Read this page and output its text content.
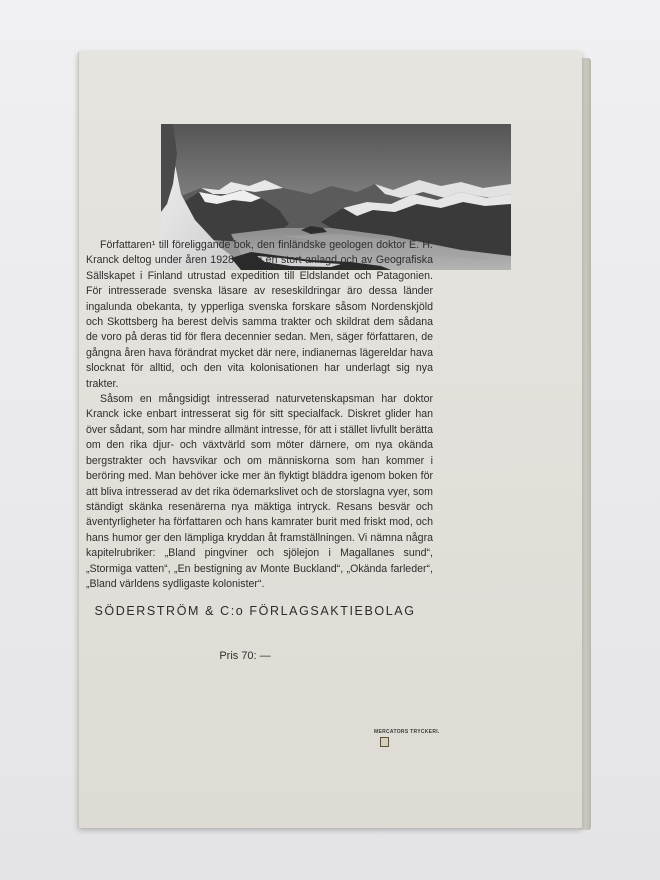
Författaren¹ till föreliggande bok, den finländske geologen doktor E. H. Kranck deltog under åren 1928—29 i en stort anlagd och av Geografiska Sällskapet i Finland utrustad expedition till Eldslandet och Patagonien. För intresserade svenska läsare av reseskildringar äro dessa länder ingalunda obekanta, ty ypperliga svenska forskare såsom Nordenskjöld och Skottsberg ha berest delvis samma trakter och skildrat dem sådana de voro på deras tid för flera decennier sedan. Men, säger författaren, de gångna åren hava förändrat mycket där nere, indianernas lägereldar hava slocknat för alltid, och den vita kolonisationen har underlagt sig nya trakter.

Såsom en mångsidigt intresserad naturvetenskapsman har doktor Kranck icke enbart intresserat sig för sitt specialfack. Diskret glider han över sådant, som har mindre allmänt intresse, för att i stället livfullt berätta om den rika djur- och växtvärld som möter därnere, om nya okända bergstrakter och havsvikar och om människorna som han kommer i beröring med. Man behöver icke mer än flyktigt bläddra igenom boken för att bliva intresserad av det rika ödemarkslivet och de storslagna vyer, som ständigt skänka resenärerna nya mäktiga intryck. Resans besvär och äventyrligheter ha författaren och hans kamrater burit med friskt mod, och hans humor ger den lämpliga kryddan åt framställningen. Vi nämna några kapitelrubriker: „Bland pingviner och sjölejon i Magallanes sund“, „Stormiga vatten“, „En bestigning av Monte Buckland“, „Okända farleder“, „Bland världens sydligaste kolonister“.

SÖDERSTRÖM & C:o FÖRLAGSAKTIEBOLAG
Pris 70: —
MERCATORS TRYCKERI.
